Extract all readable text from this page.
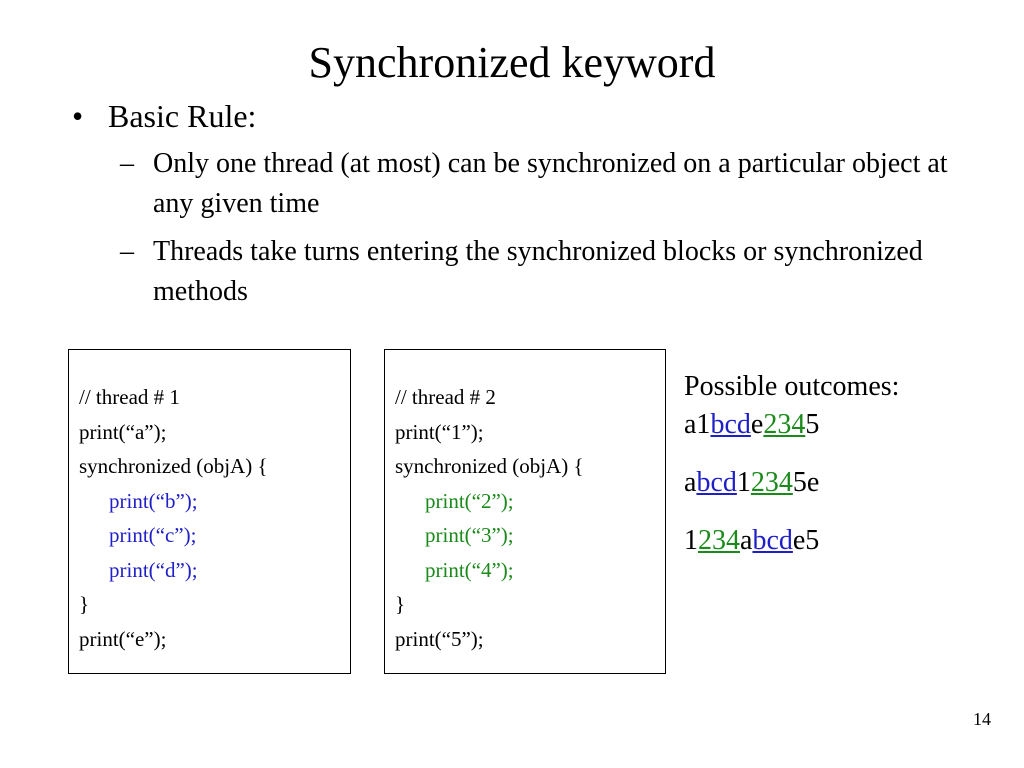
Synchronized keyword
• Basic Rule:
– Only one thread (at most) can be synchronized on a particular object at any given time
– Threads take turns entering the synchronized blocks or synchronized methods
// thread # 1
print(“a”);
synchronized (objA) {
print(“b”);
print(“c”);
print(“d”);
}
print(“e”);
// thread # 2
print(“1”);
synchronized (objA) {
print(“2”);
print(“3”);
print(“4”);
}
print(“5”);
Possible outcomes:
a1bcde2345
abcd12345e
1234abcde5
14
